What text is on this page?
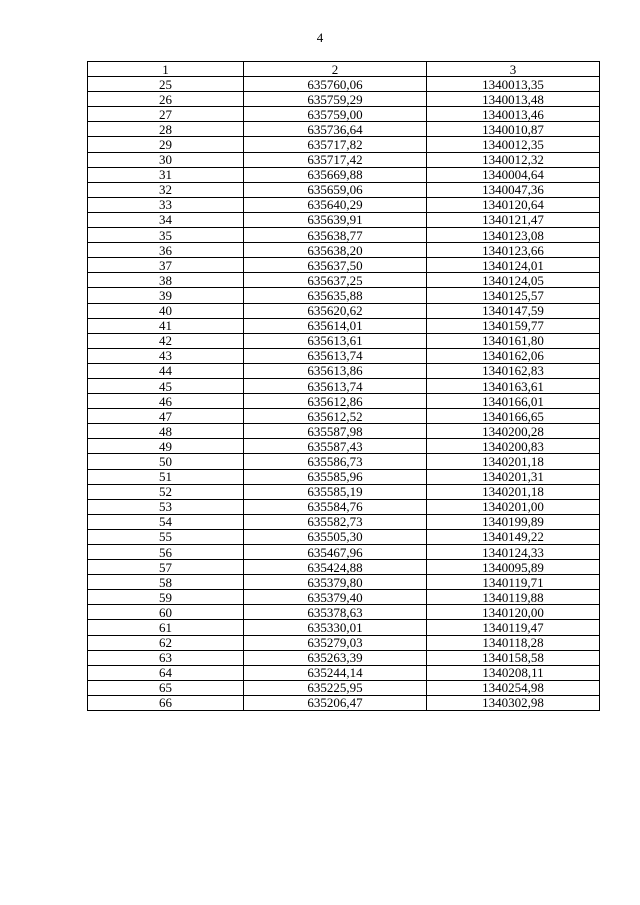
4
1	2	3
25	635760,06	1340013,35
26	635759,29	1340013,48
27	635759,00	1340013,46
28	635736,64	1340010,87
29	635717,82	1340012,35
30	635717,42	1340012,32
31	635669,88	1340004,64
32	635659,06	1340047,36
33	635640,29	1340120,64
34	635639,91	1340121,47
35	635638,77	1340123,08
36	635638,20	1340123,66
37	635637,50	1340124,01
38	635637,25	1340124,05
39	635635,88	1340125,57
40	635620,62	1340147,59
41	635614,01	1340159,77
42	635613,61	1340161,80
43	635613,74	1340162,06
44	635613,86	1340162,83
45	635613,74	1340163,61
46	635612,86	1340166,01
47	635612,52	1340166,65
48	635587,98	1340200,28
49	635587,43	1340200,83
50	635586,73	1340201,18
51	635585,96	1340201,31
52	635585,19	1340201,18
53	635584,76	1340201,00
54	635582,73	1340199,89
55	635505,30	1340149,22
56	635467,96	1340124,33
57	635424,88	1340095,89
58	635379,80	1340119,71
59	635379,40	1340119,88
60	635378,63	1340120,00
61	635330,01	1340119,47
62	635279,03	1340118,28
63	635263,39	1340158,58
64	635244,14	1340208,11
65	635225,95	1340254,98
66	635206,47	1340302,98
